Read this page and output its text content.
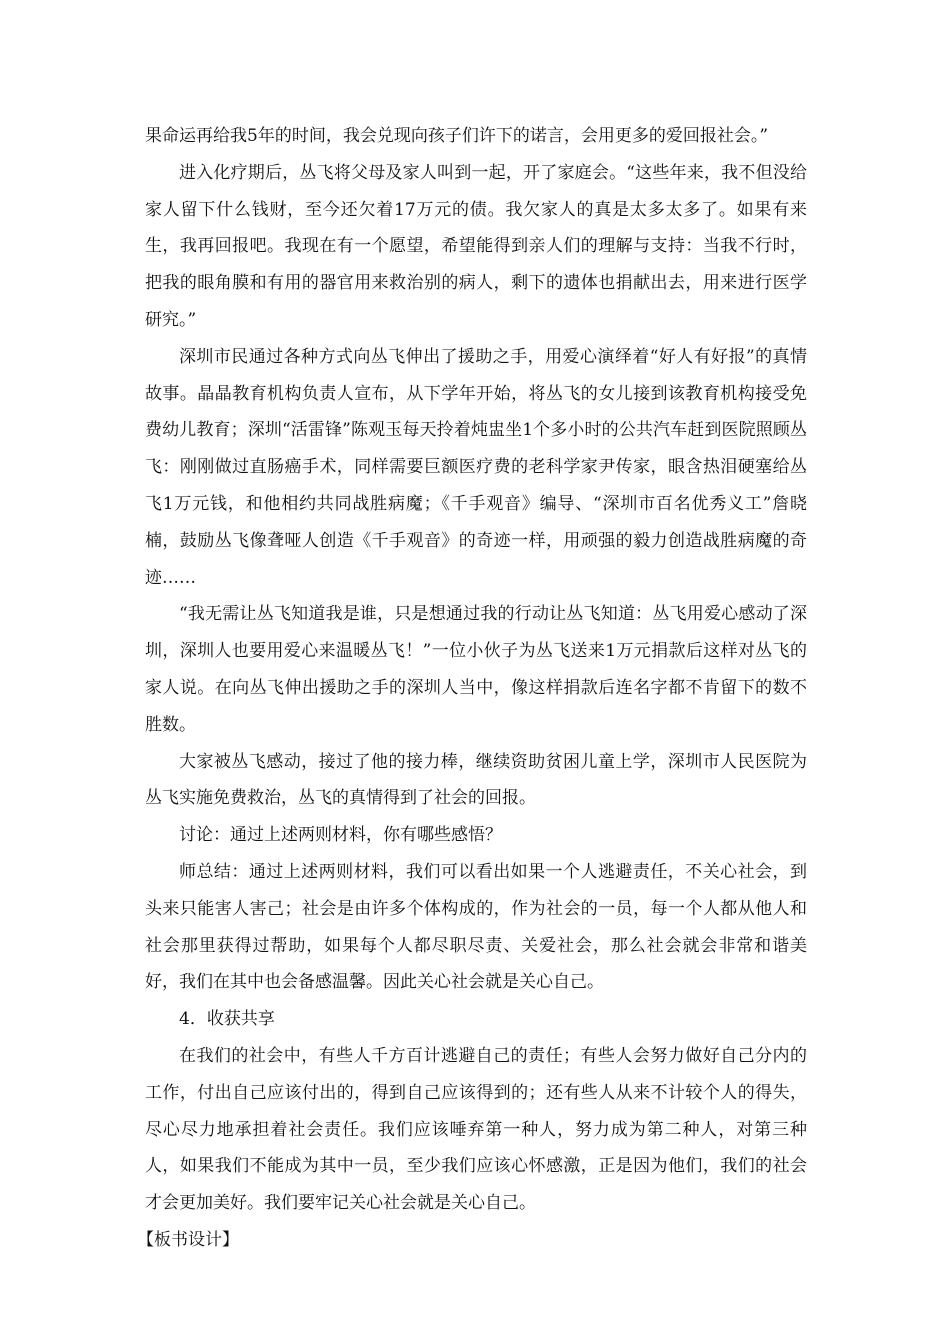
果命运再给我5年的时间，我会兑现向孩子们许下的诺言，会用更多的爱回报社会。”

进入化疗期后，丛飞将父母及家人叫到一起，开了家庭会。“这些年来，我不但没给家人留下什么钱财，至今还欠着17万元的债。我欠家人的真是太多太多了。如果有来生，我再回报吧。我现在有一个愿望，希望能得到亲人们的理解与支持：当我不行时，把我的眼角膜和有用的器官用来救治别的病人，剩下的遗体也捐献出去，用来进行医学研究。”

深圳市民通过各种方式向丛飞伸出了援助之手，用爱心演绎着“好人有好报”的真情故事。晶晶教育机构负责人宣布，从下学年开始，将丛飞的女儿接到该教育机构接受免费幼儿教育；深圳“活雷锋”陈观玉每天拎着炖盅坐1个多小时的公共汽车赶到医院照顾丛飞：刚刚做过直肠癌手术，同样需要巨额医疗费的老科学家尹传家，眼含热泪硬塞给丛飞1万元钱，和他相约共同战胜病魔；《千手观音》编导、“深圳市百名优秀义工”詹晓楠，鼓励丛飞像聋哑人创造《千手观音》的奇迹一样，用顽强的毅力创造战胜病魔的奇迹……

“我无需让丛飞知道我是谁，只是想通过我的行动让丛飞知道：丛飞用爱心感动了深圳，深圳人也要用爱心来温暖丛飞！”一位小伙子为丛飞送来1万元捐款后这样对丛飞的家人说。在向丛飞伸出援助之手的深圳人当中，像这样捐款后连名字都不肯留下的数不胜数。

大家被丛飞感动，接过了他的接力棒，继续资助贫困儿童上学，深圳市人民医院为丛飞实施免费救治，丛飞的真情得到了社会的回报。

讨论：通过上述两则材料，你有哪些感悟？

师总结：通过上述两则材料，我们可以看出如果一个人逃避责任，不关心社会，到头来只能害人害己；社会是由许多个体构成的，作为社会的一员，每一个人都从他人和社会那里获得过帮助，如果每个人都尽职尽责、关爱社会，那么社会就会非常和谐美好，我们在其中也会备感温馨。因此关心社会就是关心自己。

4．收获共享

在我们的社会中，有些人千方百计逃避自己的责任；有些人会努力做好自己分内的工作，付出自己应该付出的，得到自己应该得到的；还有些人从来不计较个人的得失，尽心尽力地承担着社会责任。我们应该唾弃第一种人，努力成为第二种人，对第三种人，如果我们不能成为其中一员，至少我们应该心怀感激，正是因为他们，我们的社会才会更加美好。我们要牢记关心社会就是关心自己。

【板书设计】
